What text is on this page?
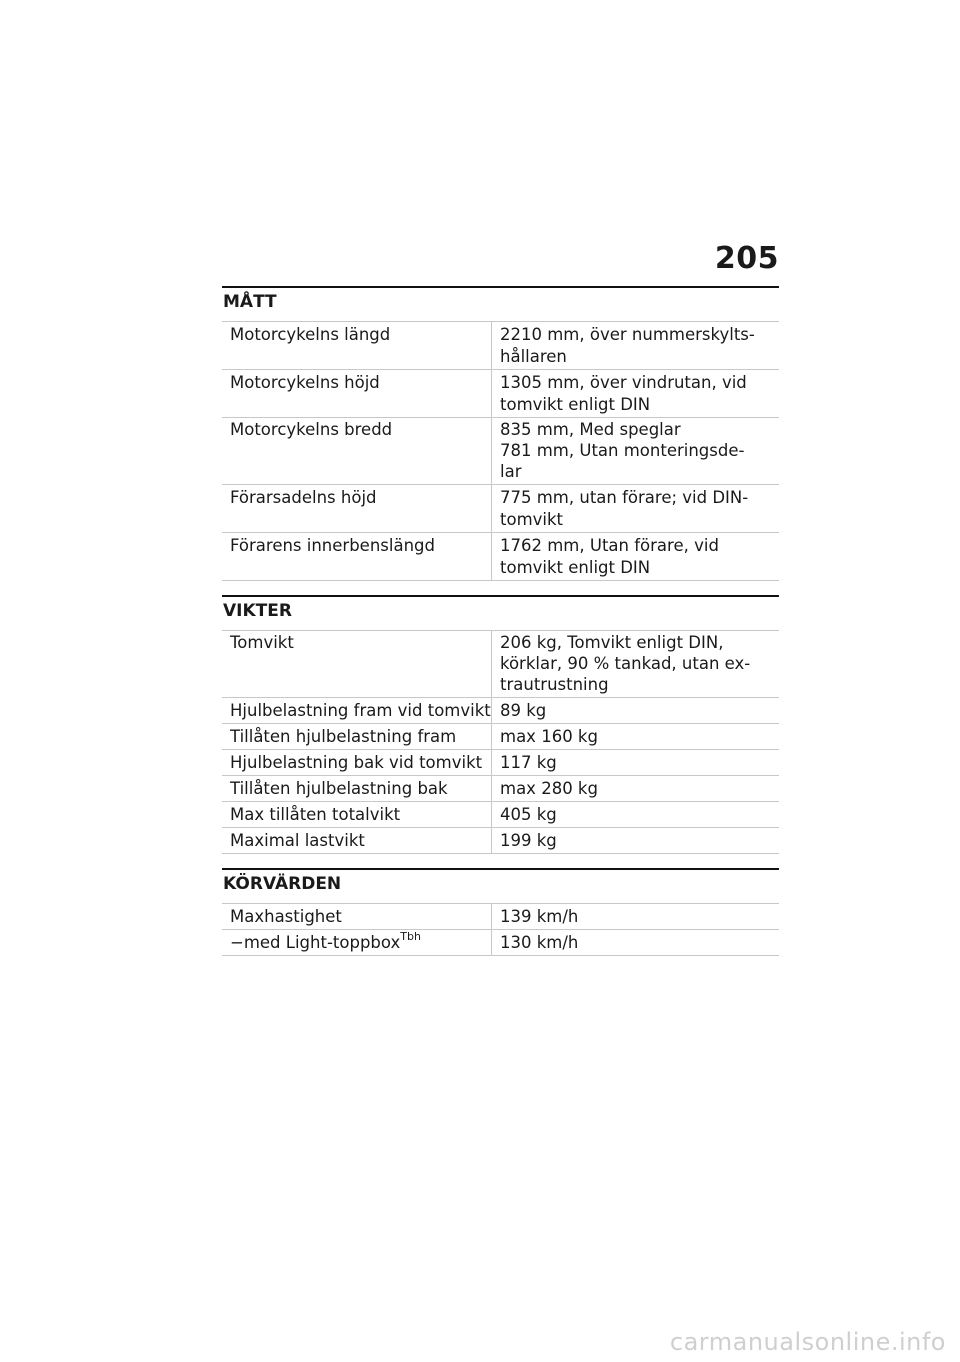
205
MÅTT
Motorcykelns längd	2210 mm, över nummerskylts-
hållaren
Motorcykelns höjd	1305 mm, över vindrutan, vid
tomvikt enligt DIN
Motorcykelns bredd	835 mm, Med speglar
781 mm, Utan monteringsde-
lar
Förarsadelns höjd	775 mm, utan förare; vid DIN-
tomvikt
Förarens innerbenslängd	1762 mm, Utan förare, vid
tomvikt enligt DIN
VIKTER
Tomvikt	206 kg, Tomvikt enligt DIN,
körklar, 90 % tankad, utan ex-
trautrustning
Hjulbelastning fram vid tomvikt 89 kg
Tillåten hjulbelastning fram	max 160 kg
Hjulbelastning bak vid tomvikt	117 kg
Tillåten hjulbelastning bak	max 280 kg
Max tillåten totalvikt	405 kg
Maximal lastvikt	199 kg
KÖRVÄRDEN
Maxhastighet	139 km/h
−med Light-toppbox$^{Tbh}$	130 km/h
carmanualsonline.info
